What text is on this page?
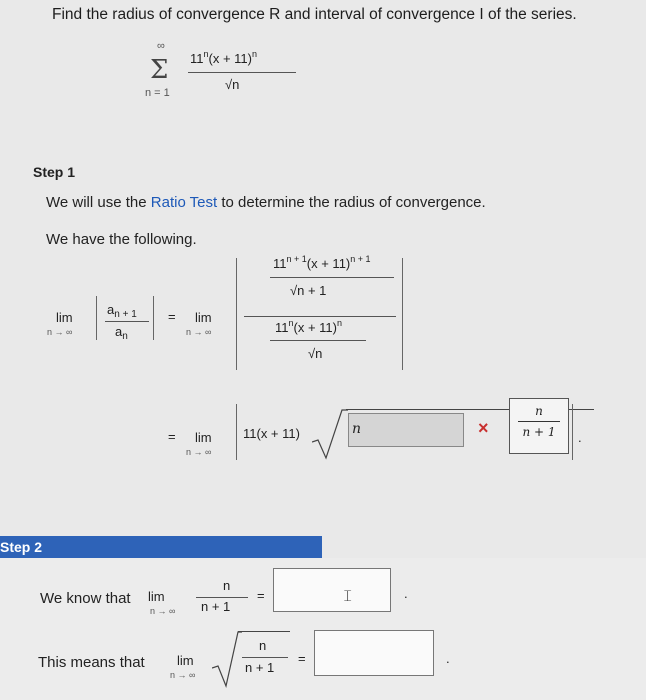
Find the radius of convergence R and interval of convergence I of the series.
∞
Σ
n = 1
$11^n(x + 11)^n$
√n
Step 1
We will use the Ratio Test to determine the radius of convergence.
We have the following.
lim
n → ∞
$a_{n + 1}$
$a_n$
= lim
n → ∞
$11^{n + 1}(x + 11)^{n + 1}$
√n + 1
$11^n(x + 11)^n$
√n
= lim
n → ∞
11(x + 11)	n	×
n
n + 1	.
Step 2
We know that lim
n → ∞
n
n + 1
=	𝙸	.
This means that lim
n → ∞
n
n + 1
=	.
